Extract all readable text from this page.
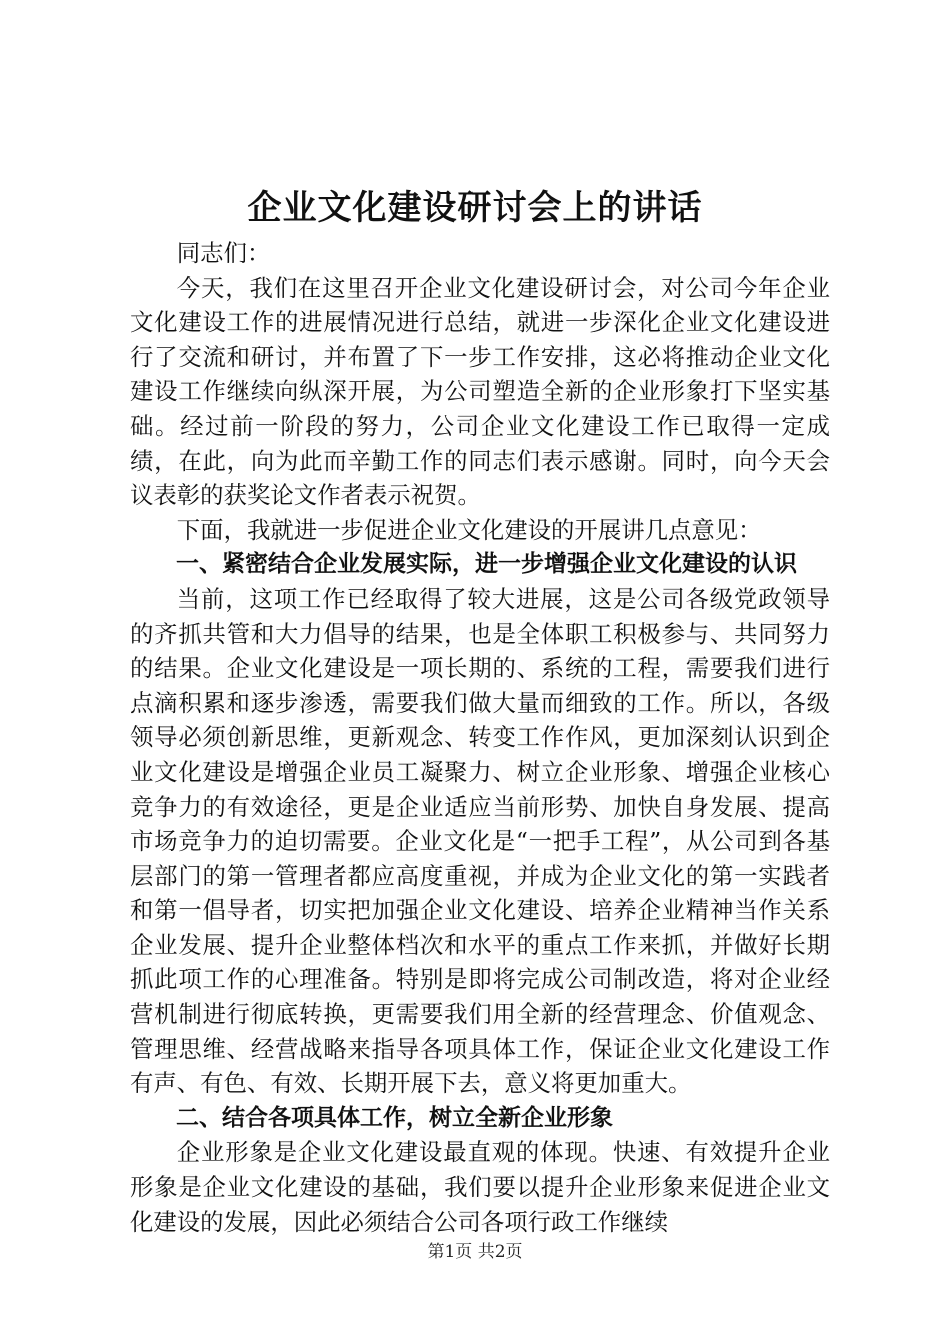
企业文化建设研讨会上的讲话

同志们：

今天，我们在这里召开企业文化建设研讨会，对公司今年企业文化建设工作的进展情况进行总结，就进一步深化企业文化建设进行了交流和研讨，并布置了下一步工作安排，这必将推动企业文化建设工作继续向纵深开展，为公司塑造全新的企业形象打下坚实基础。经过前一阶段的努力，公司企业文化建设工作已取得一定成绩，在此，向为此而辛勤工作的同志们表示感谢。同时，向今天会议表彰的获奖论文作者表示祝贺。

下面，我就进一步促进企业文化建设的开展讲几点意见：

一、紧密结合企业发展实际，进一步增强企业文化建设的认识

当前，这项工作已经取得了较大进展，这是公司各级党政领导的齐抓共管和大力倡导的结果，也是全体职工积极参与、共同努力的结果。企业文化建设是一项长期的、系统的工程，需要我们进行点滴积累和逐步渗透，需要我们做大量而细致的工作。所以，各级领导必须创新思维，更新观念、转变工作作风，更加深刻认识到企业文化建设是增强企业员工凝聚力、树立企业形象、增强企业核心竞争力的有效途径，更是企业适应当前形势、加快自身发展、提高市场竞争力的迫切需要。企业文化是“一把手工程”，从公司到各基层部门的第一管理者都应高度重视，并成为企业文化的第一实践者和第一倡导者，切实把加强企业文化建设、培养企业精神当作关系企业发展、提升企业整体档次和水平的重点工作来抓，并做好长期抓此项工作的心理准备。特别是即将完成公司制改造，将对企业经营机制进行彻底转换，更需要我们用全新的经营理念、价值观念、管理思维、经营战略来指导各项具体工作，保证企业文化建设工作有声、有色、有效、长期开展下去，意义将更加重大。

二、结合各项具体工作，树立全新企业形象

企业形象是企业文化建设最直观的体现。快速、有效提升企业形象是企业文化建设的基础，我们要以提升企业形象来促进企业文化建设的发展，因此必须结合公司各项行政工作继续

第1页 共2页
